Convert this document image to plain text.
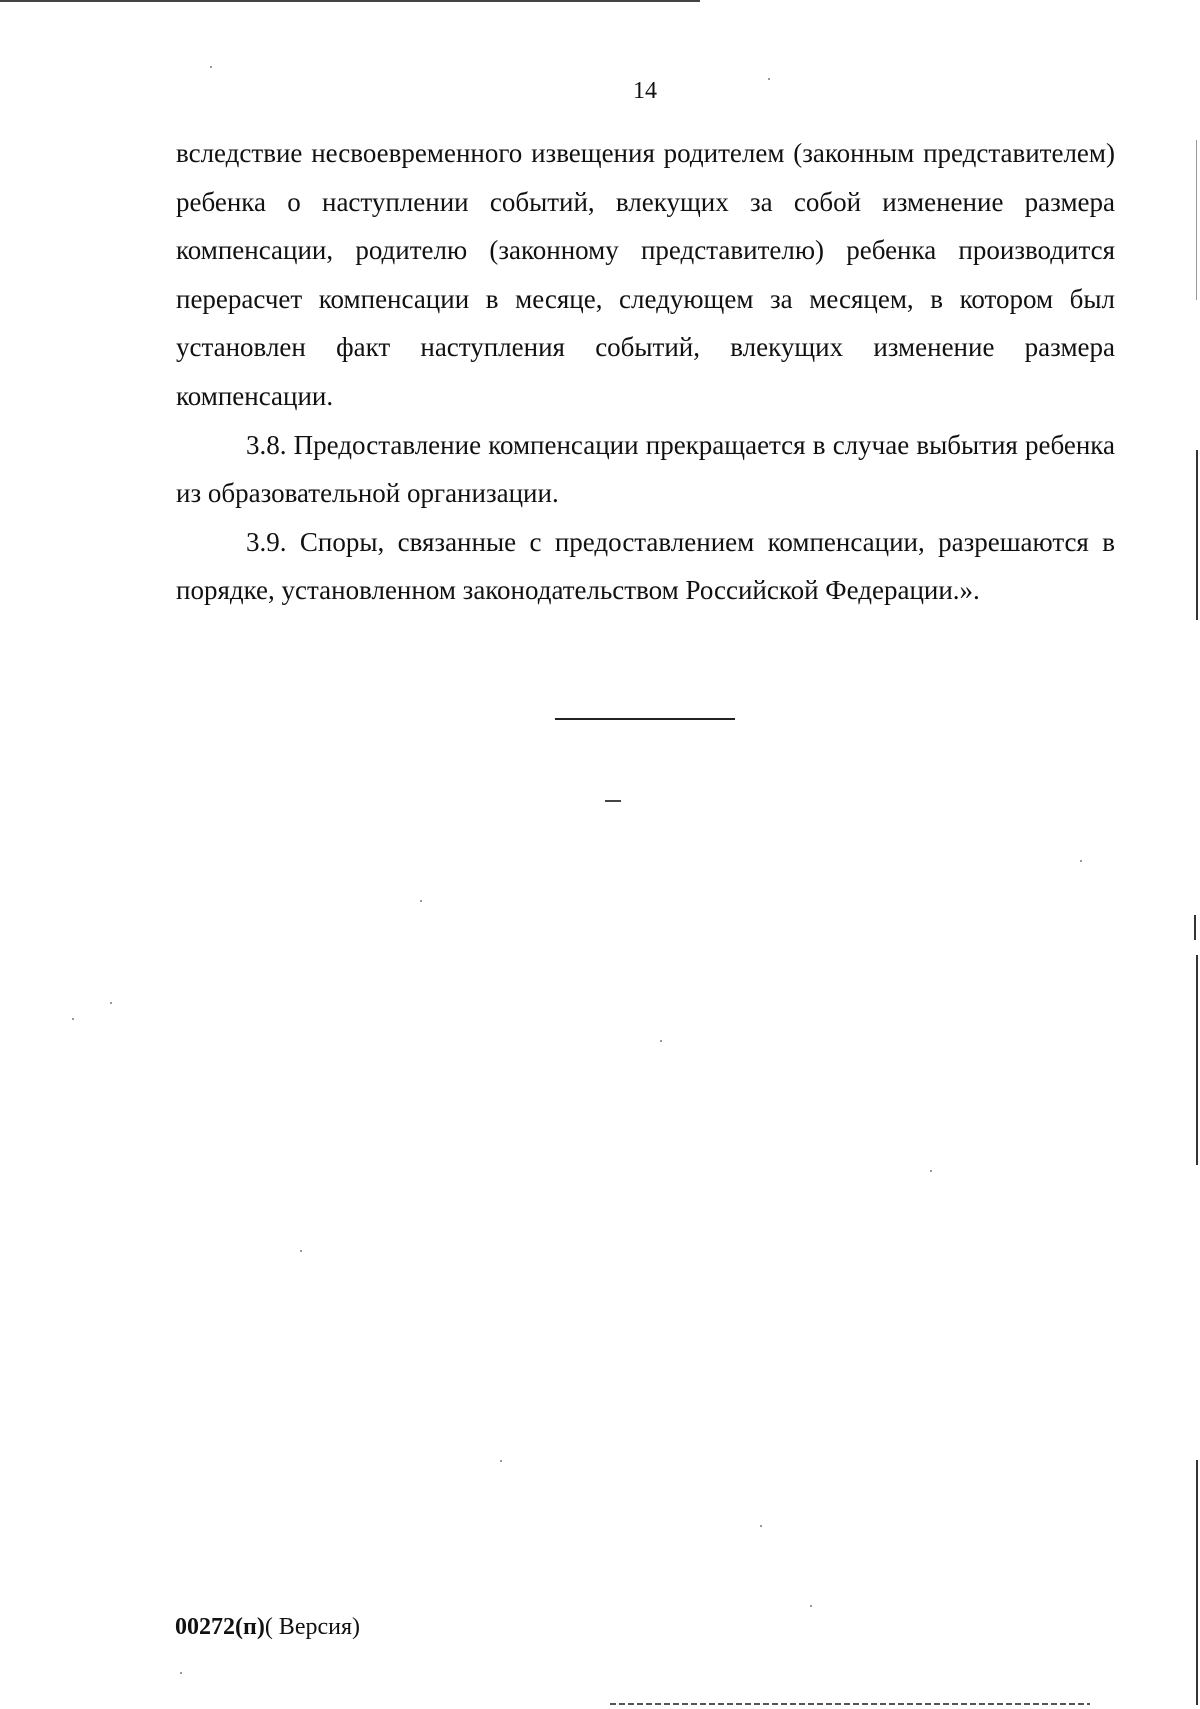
14

вследствие несвоевременного извещения родителем (законным представителем) ребенка о наступлении событий, влекущих за собой изменение размера компенсации, родителю (законному представителю) ребенка производится перерасчет компенсации в месяце, следующем за месяцем, в котором был установлен факт наступления событий, влекущих изменение размера компенсации.

3.8. Предоставление компенсации прекращается в случае выбытия ребенка из образовательной организации.

3.9. Споры, связанные с предоставлением компенсации, разрешаются в порядке, установленном законодательством Российской Федерации.».

00272(п)( Версия)
